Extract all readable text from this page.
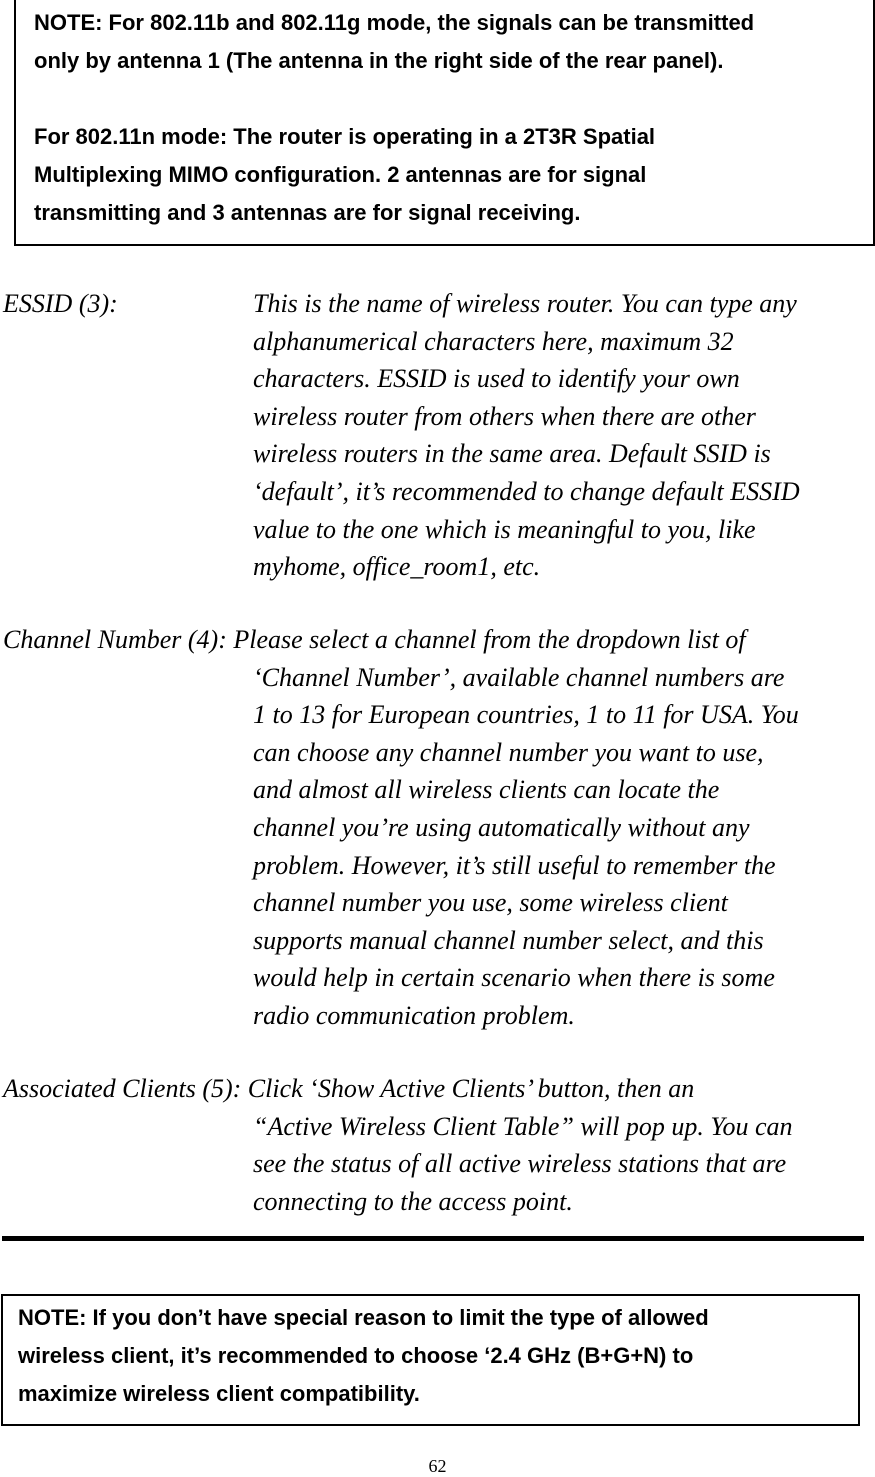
NOTE: For 802.11b and 802.11g mode, the signals can be transmitted

only by antenna 1 (The antenna in the right side of the rear panel).

For 802.11n mode: The router is operating in a 2T3R Spatial

Multiplexing MIMO configuration. 2 antennas are for signal

transmitting and 3 antennas are for signal receiving.

ESSID (3):	This is the name of wireless router. You can type any
alphanumerical characters here, maximum 32
characters. ESSID is used to identify your own
wireless router from others when there are other
wireless routers in the same area. Default SSID is
‘default’, it’s recommended to change default ESSID
value to the one which is meaningful to you, like
myhome, office_room1, etc.
Channel Number (4): Please select a channel from the dropdown list of
‘Channel Number’, available channel numbers are
1 to 13 for European countries, 1 to 11 for USA. You
can choose any channel number you want to use,
and almost all wireless clients can locate the
channel you’re using automatically without any
problem. However, it’s still useful to remember the
channel number you use, some wireless client
supports manual channel number select, and this
would help in certain scenario when there is some
radio communication problem.
Associated Clients (5): Click ‘Show Active Clients’ button, then an
“Active Wireless Client Table” will pop up. You can
see the status of all active wireless stations that are
connecting to the access point.
NOTE: If you don’t have special reason to limit the type of allowed
wireless client, it’s recommended to choose ‘2.4 GHz (B+G+N) to
maximize wireless client compatibility.
62
